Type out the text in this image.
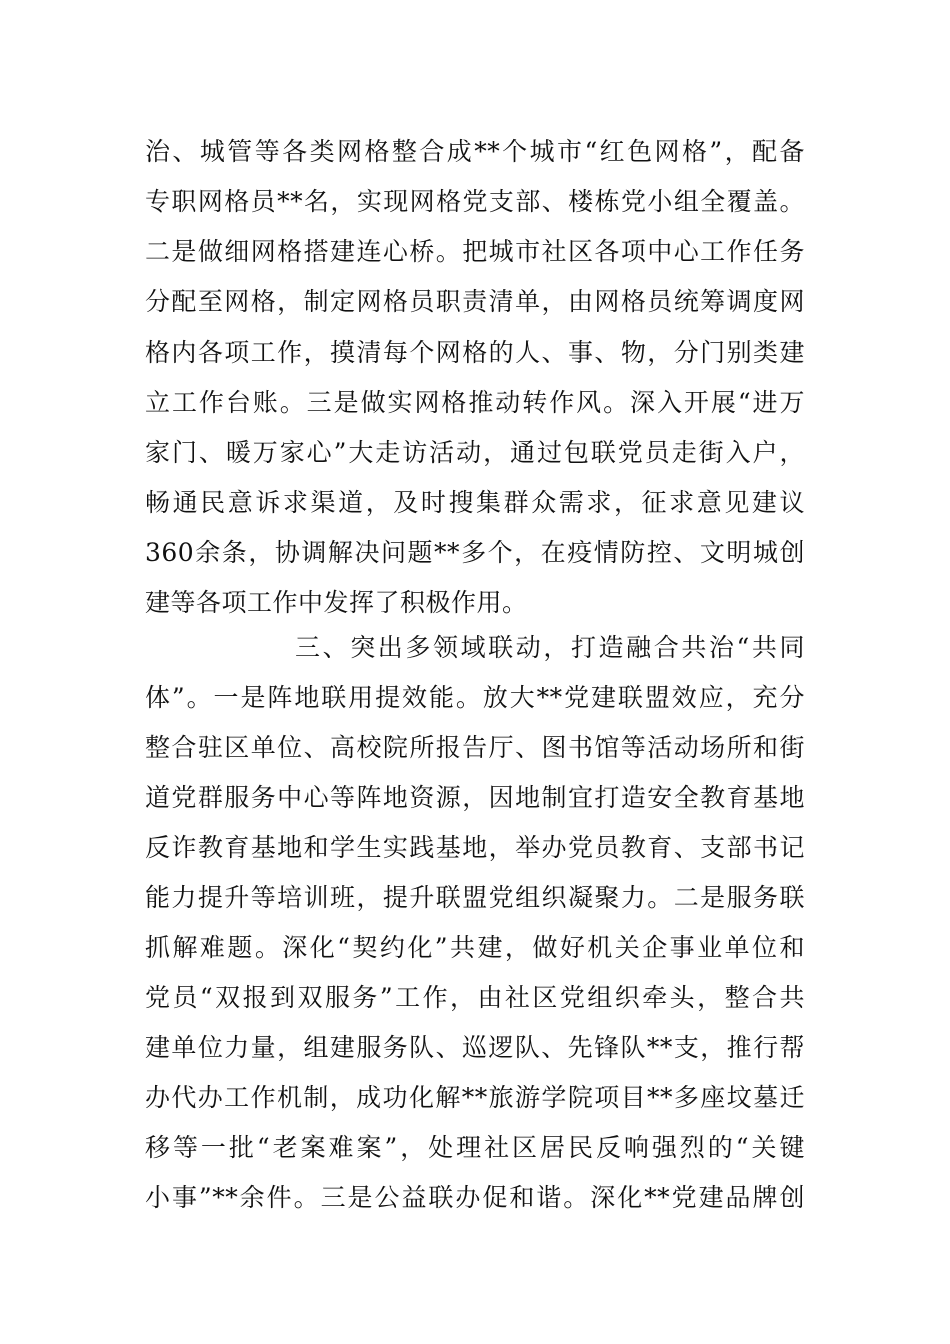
治、城管等各类网格整合成**个城市“红色网格”，配备
专职网格员**名，实现网格党支部、楼栋党小组全覆盖。
二是做细网格搭建连心桥。把城市社区各项中心工作任务
分配至网格，制定网格员职责清单，由网格员统筹调度网
格内各项工作，摸清每个网格的人、事、物，分门别类建
立工作台账。三是做实网格推动转作风。深入开展“进万
家门、暖万家心”大走访活动，通过包联党员走街入户，
畅通民意诉求渠道，及时搜集群众需求，征求意见建议
360余条，协调解决问题**多个，在疫情防控、文明城创
建等各项工作中发挥了积极作用。
三、突出多领域联动，打造融合共治“共同
体”。一是阵地联用提效能。放大**党建联盟效应，充分
整合驻区单位、高校院所报告厅、图书馆等活动场所和街
道党群服务中心等阵地资源，因地制宜打造安全教育基地
反诈教育基地和学生实践基地，举办党员教育、支部书记
能力提升等培训班，提升联盟党组织凝聚力。二是服务联
抓解难题。深化“契约化”共建，做好机关企事业单位和
党员“双报到双服务”工作，由社区党组织牵头，整合共
建单位力量，组建服务队、巡逻队、先锋队**支，推行帮
办代办工作机制，成功化解**旅游学院项目**多座坟墓迁
移等一批“老案难案”，处理社区居民反响强烈的“关键
小事”**余件。三是公益联办促和谐。深化**党建品牌创
